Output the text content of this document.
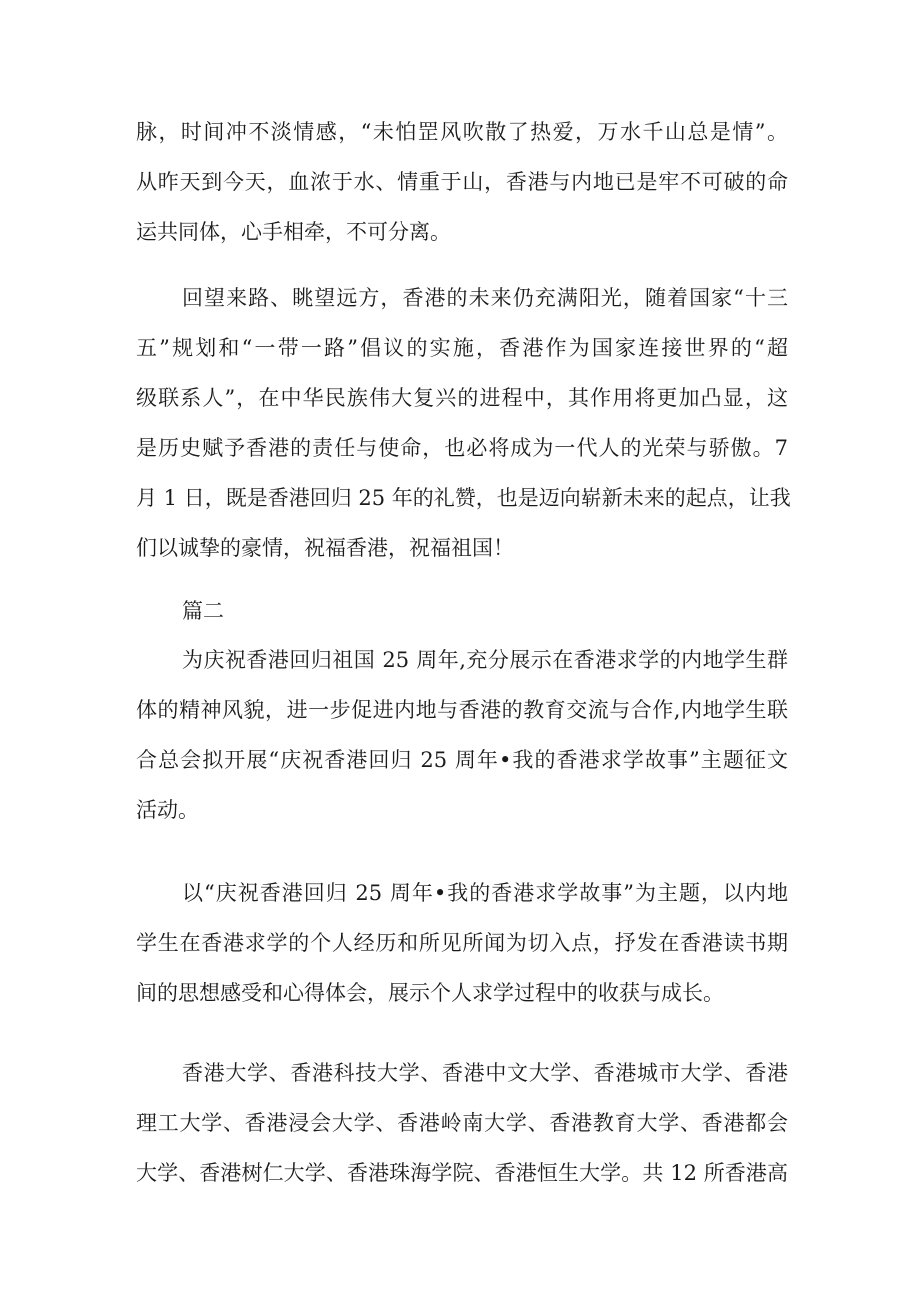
脉，时间冲不淡情感，“未怕罡风吹散了热爱，万水千山总是情”。
从昨天到今天，血浓于水、情重于山，香港与内地已是牢不可破的命
运共同体，心手相牵，不可分离。
回望来路、眺望远方，香港的未来仍充满阳光，随着国家“十三
五”规划和“一带一路”倡议的实施，香港作为国家连接世界的“超
级联系人”，在中华民族伟大复兴的进程中，其作用将更加凸显，这
是历史赋予香港的责任与使命，也必将成为一代人的光荣与骄傲。7
月 1 日，既是香港回归 25 年的礼赞，也是迈向崭新未来的起点，让我
们以诚挚的豪情，祝福香港，祝福祖国！
篇二
为庆祝香港回归祖国 25 周年,充分展示在香港求学的内地学生群
体的精神风貌，进一步促进内地与香港的教育交流与合作,内地学生联
合总会拟开展“庆祝香港回归 25 周年•我的香港求学故事”主题征文
活动。
以“庆祝香港回归 25 周年•我的香港求学故事”为主题，以内地
学生在香港求学的个人经历和所见所闻为切入点，抒发在香港读书期
间的思想感受和心得体会，展示个人求学过程中的收获与成长。
香港大学、香港科技大学、香港中文大学、香港城市大学、香港
理工大学、香港浸会大学、香港岭南大学、香港教育大学、香港都会
大学、香港树仁大学、香港珠海学院、香港恒生大学。共 12 所香港高
